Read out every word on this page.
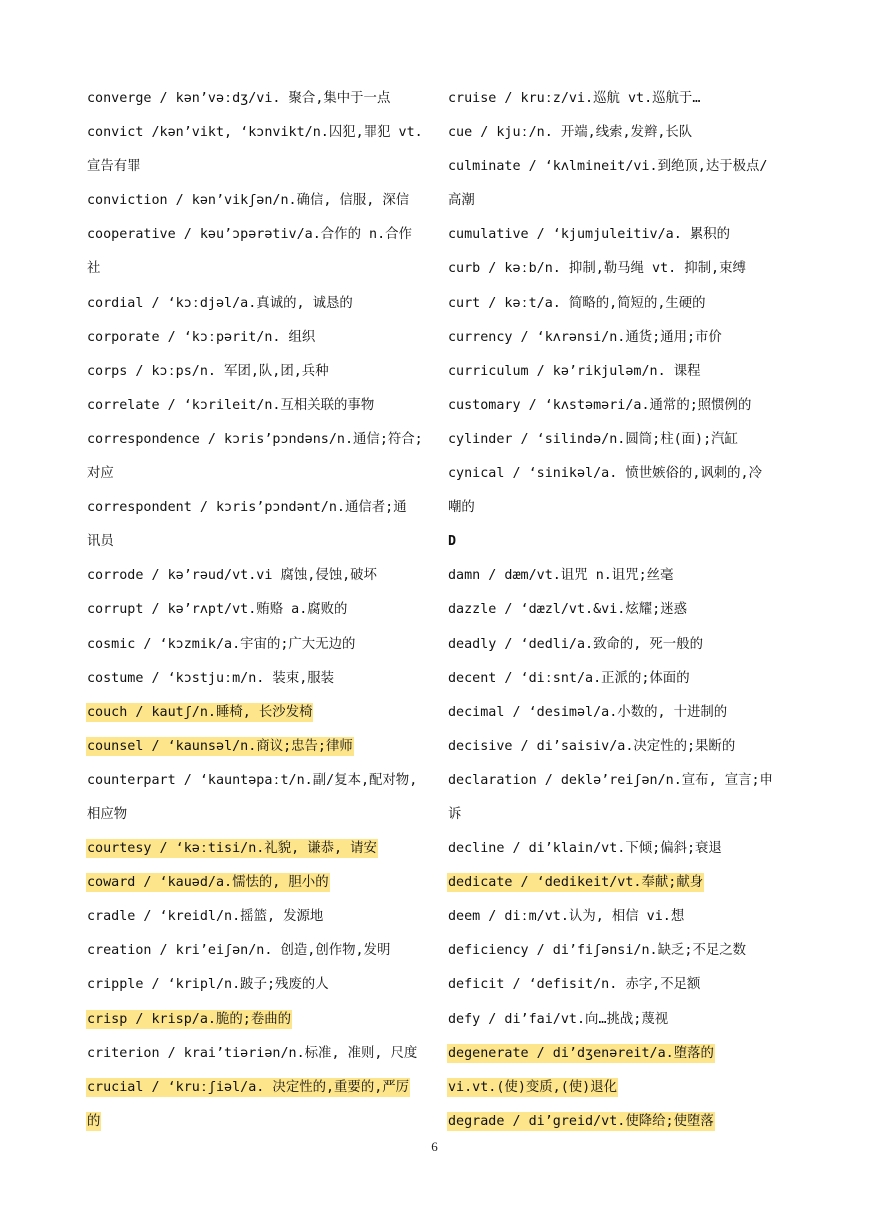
converge / kən’vəːdʒ/vi. 聚合,集中于一点
convict /kən’vikt, ‘kɔnvikt/n.囚犯,罪犯 vt.
宣告有罪
conviction / kən’vikʃən/n.确信, 信服, 深信
cooperative / kəu’ɔpərətiv/a.合作的 n.合作
社
cordial / ‘kɔːdjəl/a.真诚的, 诚恳的
corporate / ‘kɔːpərit/n. 组织
corps / kɔːps/n. 军团,队,团,兵种
correlate / ‘kɔrileit/n.互相关联的事物
correspondence / kɔris’pɔndəns/n.通信;符合;
对应
correspondent / kɔris’pɔndənt/n.通信者;通
讯员
corrode / kə’rəud/vt.vi 腐蚀,侵蚀,破坏
corrupt / kə’rʌpt/vt.贿赂 a.腐败的
cosmic / ‘kɔzmik/a.宇宙的;广大无边的
costume / ‘kɔstjuːm/n. 装束,服装
couch / kautʃ/n.睡椅, 长沙发椅
counsel / ‘kaunsəl/n.商议;忠告;律师
counterpart / ‘kauntəpaːt/n.副/复本,配对物,
相应物
courtesy / ‘kəːtisi/n.礼貌, 谦恭, 请安
coward / ‘kauəd/a.懦怯的, 胆小的
cradle / ‘kreidl/n.摇篮, 发源地
creation / kri’eiʃən/n. 创造,创作物,发明
cripple / ‘kripl/n.跛子;残废的人
crisp / krisp/a.脆的;卷曲的
criterion / krai’tiəriən/n.标准, 准则, 尺度
crucial / ‘kruːʃiəl/a. 决定性的,重要的,严厉
的
cruise / kruːz/vi.巡航 vt.巡航于…
cue / kjuː/n. 开端,线索,发辫,长队
culminate / ‘kʌlmineit/vi.到绝顶,达于极点/
高潮
cumulative / ‘kjumjuleitiv/a. 累积的
curb / kəːb/n. 抑制,勒马绳 vt. 抑制,束缚
curt / kəːt/a. 简略的,简短的,生硬的
currency / ‘kʌrənsi/n.通货;通用;市价
curriculum / kə’rikjuləm/n. 课程
customary / ‘kʌstəməri/a.通常的;照惯例的
cylinder / ‘silində/n.圆筒;柱(面);汽缸
cynical / ‘sinikəl/a. 愤世嫉俗的,讽刺的,冷
嘲的
D
damn / dæm/vt.诅咒 n.诅咒;丝毫
dazzle / ‘dæzl/vt.&vi.炫耀;迷惑
deadly / ‘dedli/a.致命的, 死一般的
decent / ‘diːsnt/a.正派的;体面的
decimal / ‘desiməl/a.小数的, 十进制的
decisive / di’saisiv/a.决定性的;果断的
declaration / deklə’reiʃən/n.宣布, 宣言;申
诉
decline / di’klain/vt.下倾;偏斜;衰退
dedicate / ‘dedikeit/vt.奉献;献身
deem / diːm/vt.认为, 相信 vi.想
deficiency / di’fiʃənsi/n.缺乏;不足之数
deficit / ‘defisit/n. 赤字,不足额
defy / di’fai/vt.向…挑战;蔑视
degenerate / di’dʒenəreit/a.堕落的
vi.vt.(使)变质,(使)退化
degrade / di’greid/vt.使降给;使堕落
6
